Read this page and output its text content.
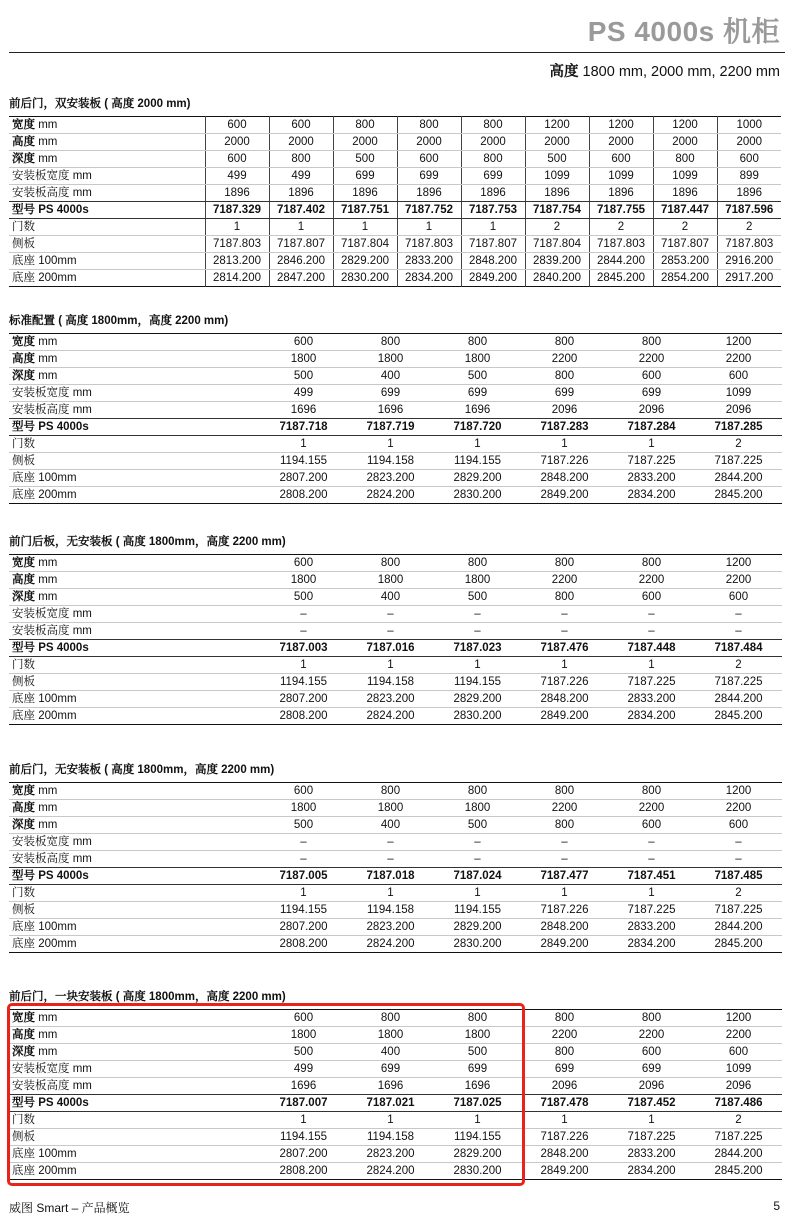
PS 4000s 机柜
高度 1800 mm, 2000 mm, 2200 mm
前后门，双安装板 ( 高度 2000 mm)
宽度 mm	600	600	800	800	800	1200	1200	1200	1000
高度 mm	2000	2000	2000	2000	2000	2000	2000	2000	2000
深度 mm	600	800	500	600	800	500	600	800	600
安装板宽度 mm	499	499	699	699	699	1099	1099	1099	899
安装板高度 mm	1896	1896	1896	1896	1896	1896	1896	1896	1896
型号 PS 4000s	7187.329	7187.402	7187.751	7187.752	7187.753	7187.754	7187.755	7187.447	7187.596
门数	1	1	1	1	1	2	2	2	2
侧板	7187.803	7187.807	7187.804	7187.803	7187.807	7187.804	7187.803	7187.807	7187.803
底座 100mm	2813.200	2846.200	2829.200	2833.200	2848.200	2839.200	2844.200	2853.200	2916.200
底座 200mm	2814.200	2847.200	2830.200	2834.200	2849.200	2840.200	2845.200	2854.200	2917.200
标准配置 ( 高度 1800mm，高度 2200 mm)
宽度 mm	600	800	800	800	800	1200
高度 mm	1800	1800	1800	2200	2200	2200
深度 mm	500	400	500	800	600	600
安装板宽度 mm	499	699	699	699	699	1099
安装板高度 mm	1696	1696	1696	2096	2096	2096
型号 PS 4000s	7187.718	7187.719	7187.720	7187.283	7187.284	7187.285
门数	1	1	1	1	1	2
侧板	1194.155	1194.158	1194.155	7187.226	7187.225	7187.225
底座 100mm	2807.200	2823.200	2829.200	2848.200	2833.200	2844.200
底座 200mm	2808.200	2824.200	2830.200	2849.200	2834.200	2845.200
前门后板，无安装板 ( 高度 1800mm，高度 2200 mm)
宽度 mm	600	800	800	800	800	1200
高度 mm	1800	1800	1800	2200	2200	2200
深度 mm	500	400	500	800	600	600
安装板宽度 mm	–	–	–	–	–	–
安装板高度 mm	–	–	–	–	–	–
型号 PS 4000s	7187.003	7187.016	7187.023	7187.476	7187.448	7187.484
门数	1	1	1	1	1	2
侧板	1194.155	1194.158	1194.155	7187.226	7187.225	7187.225
底座 100mm	2807.200	2823.200	2829.200	2848.200	2833.200	2844.200
底座 200mm	2808.200	2824.200	2830.200	2849.200	2834.200	2845.200
前后门，无安装板 ( 高度 1800mm，高度 2200 mm)
宽度 mm	600	800	800	800	800	1200
高度 mm	1800	1800	1800	2200	2200	2200
深度 mm	500	400	500	800	600	600
安装板宽度 mm	–	–	–	–	–	–
安装板高度 mm	–	–	–	–	–	–
型号 PS 4000s	7187.005	7187.018	7187.024	7187.477	7187.451	7187.485
门数	1	1	1	1	1	2
侧板	1194.155	1194.158	1194.155	7187.226	7187.225	7187.225
底座 100mm	2807.200	2823.200	2829.200	2848.200	2833.200	2844.200
底座 200mm	2808.200	2824.200	2830.200	2849.200	2834.200	2845.200
前后门，一块安装板 ( 高度 1800mm，高度 2200 mm)
宽度 mm	600	800	800	800	800	1200
高度 mm	1800	1800	1800	2200	2200	2200
深度 mm	500	400	500	800	600	600
安装板宽度 mm	499	699	699	699	699	1099
安装板高度 mm	1696	1696	1696	2096	2096	2096
型号 PS 4000s	7187.007	7187.021	7187.025	7187.478	7187.452	7187.486
门数	1	1	1	1	1	2
侧板	1194.155	1194.158	1194.155	7187.226	7187.225	7187.225
底座 100mm	2807.200	2823.200	2829.200	2848.200	2833.200	2844.200
底座 200mm	2808.200	2824.200	2830.200	2849.200	2834.200	2845.200
威图 Smart – 产品概览	5
